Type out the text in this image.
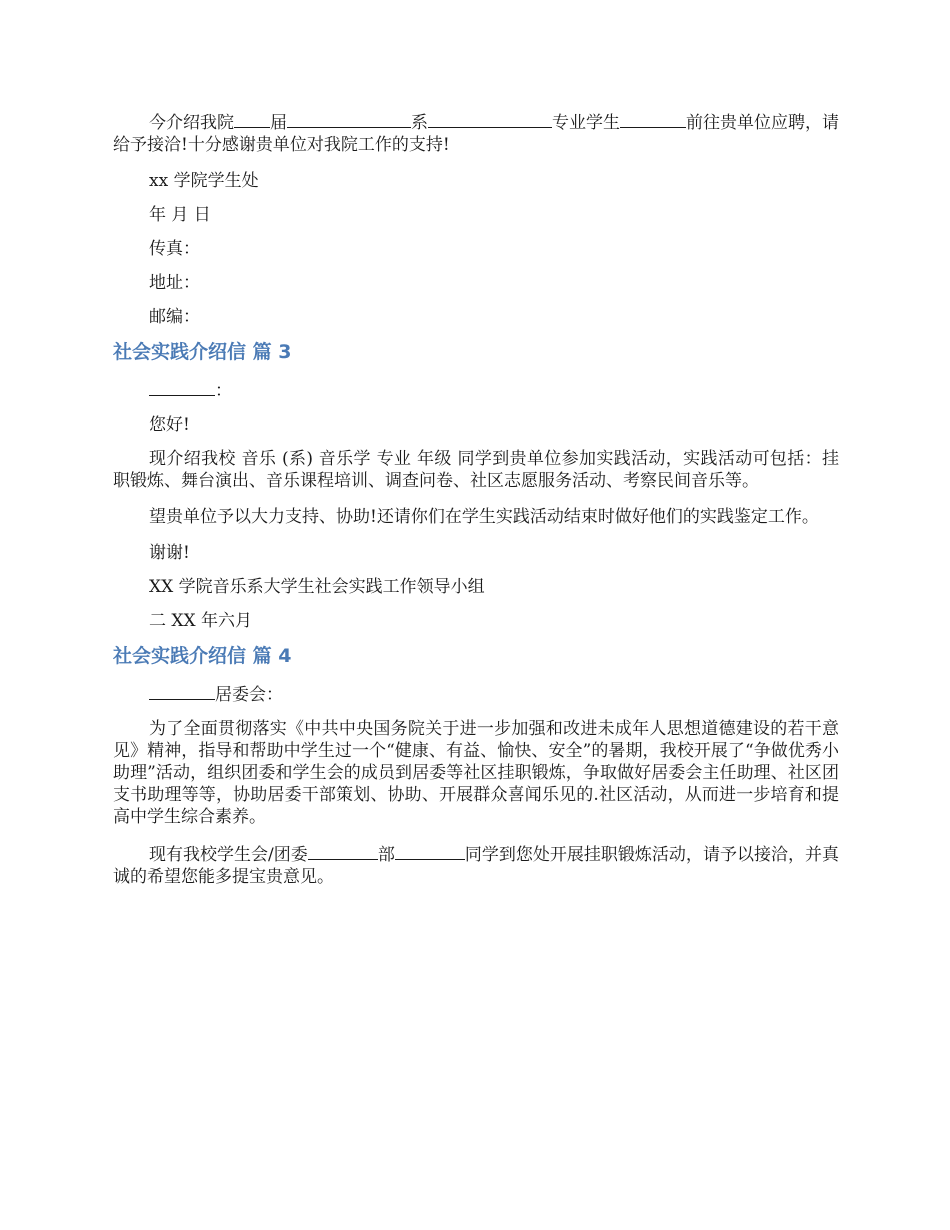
今介绍我院 届	系	专业学生	前往贵单位应聘，请给予接洽!十分感谢贵单位对我院工作的支持!

xx 学院学生处

年 月 日

传真：

地址：

邮编：

社会实践介绍信 篇 3

：

您好!

现介绍我校 音乐 (系) 音乐学 专业 年级 同学到贵单位参加实践活动，实践活动可包括：挂职锻炼、舞台演出、音乐课程培训、调查问卷、社区志愿服务活动、考察民间音乐等。

望贵单位予以大力支持、协助!还请你们在学生实践活动结束时做好他们的实践鉴定工作。

谢谢!

XX 学院音乐系大学生社会实践工作领导小组

二 XX 年六月

社会实践介绍信 篇 4

居委会：

为了全面贯彻落实《中共中央国务院关于进一步加强和改进未成年人思想道德建设的若干意见》精神，指导和帮助中学生过一个“健康、有益、愉快、安全”的暑期，我校开展了“争做优秀小助理”活动，组织团委和学生会的成员到居委等社区挂职锻炼，争取做好居委会主任助理、社区团支书助理等等，协助居委干部策划、协助、开展群众喜闻乐见的.社区活动，从而进一步培育和提高中学生综合素养。

现有我校学生会/团委	部	同学到您处开展挂职锻炼活动，请予以接洽，并真诚的希望您能多提宝贵意见。
